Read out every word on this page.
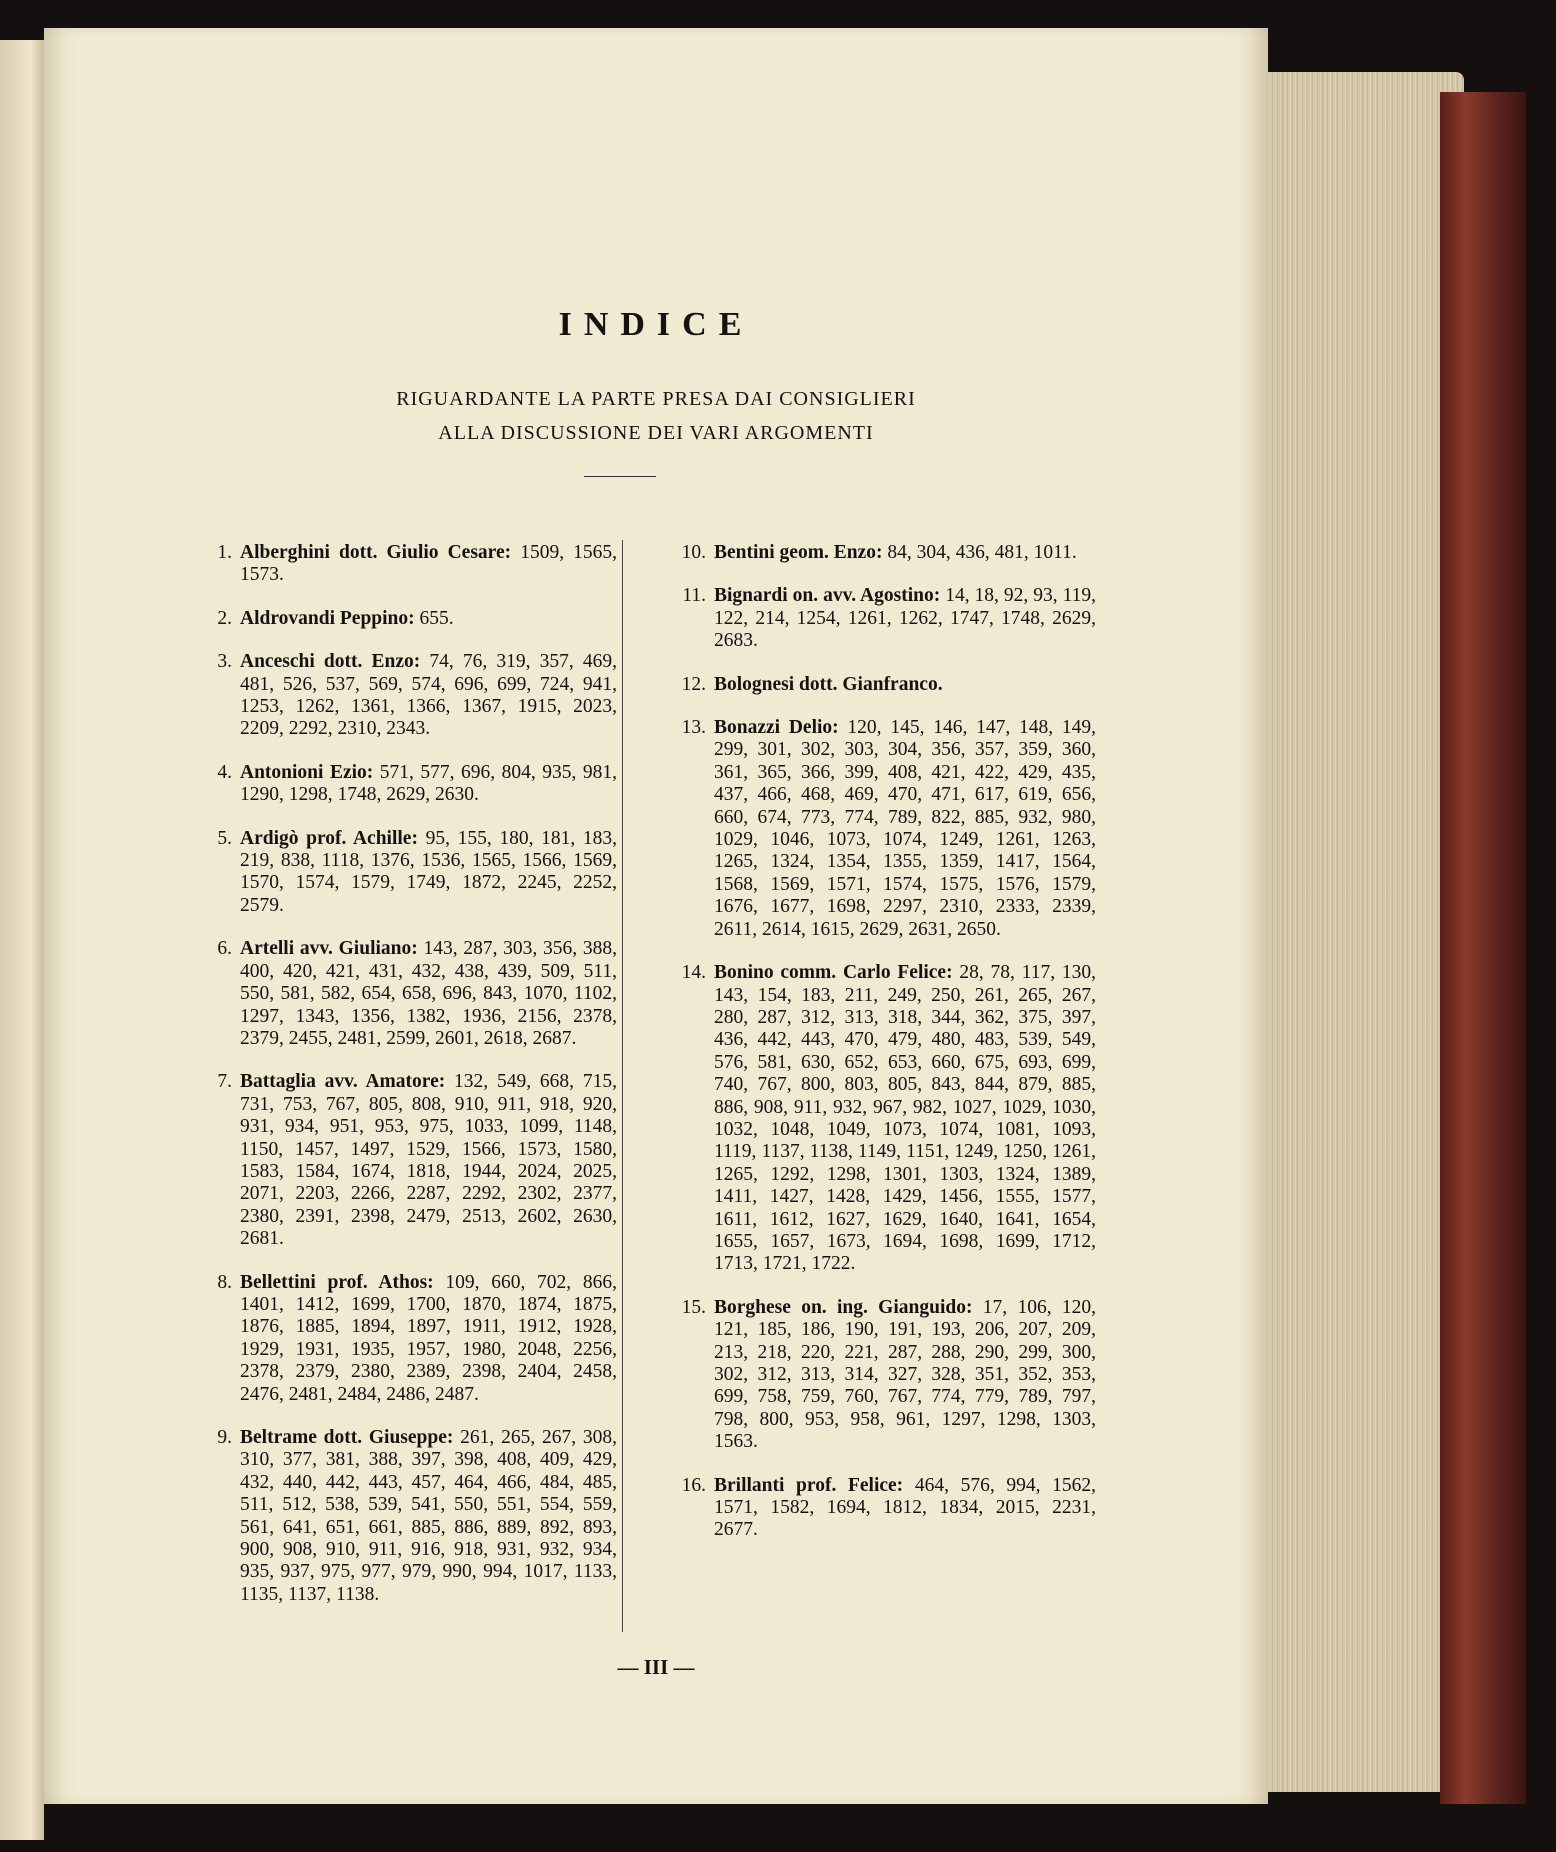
INDICE
RIGUARDANTE LA PARTE PRESA DAI CONSIGLIERI
ALLA DISCUSSIONE DEI VARI ARGOMENTI
1. Alberghini dott. Giulio Cesare: 1509, 1565, 1573.
2. Aldrovandi Peppino: 655.
3. Anceschi dott. Enzo: 74, 76, 319, 357, 469, 481, 526, 537, 569, 574, 696, 699, 724, 941, 1253, 1262, 1361, 1366, 1367, 1915, 2023, 2209, 2292, 2310, 2343.
4. Antonioni Ezio: 571, 577, 696, 804, 935, 981, 1290, 1298, 1748, 2629, 2630.
5. Ardigò prof. Achille: 95, 155, 180, 181, 183, 219, 838, 1118, 1376, 1536, 1565, 1566, 1569, 1570, 1574, 1579, 1749, 1872, 2245, 2252, 2579.
6. Artelli avv. Giuliano: 143, 287, 303, 356, 388, 400, 420, 421, 431, 432, 438, 439, 509, 511, 550, 581, 582, 654, 658, 696, 843, 1070, 1102, 1297, 1343, 1356, 1382, 1936, 2156, 2378, 2379, 2455, 2481, 2599, 2601, 2618, 2687.
7. Battaglia avv. Amatore: 132, 549, 668, 715, 731, 753, 767, 805, 808, 910, 911, 918, 920, 931, 934, 951, 953, 975, 1033, 1099, 1148, 1150, 1457, 1497, 1529, 1566, 1573, 1580, 1583, 1584, 1674, 1818, 1944, 2024, 2025, 2071, 2203, 2266, 2287, 2292, 2302, 2377, 2380, 2391, 2398, 2479, 2513, 2602, 2630, 2681.
8. Bellettini prof. Athos: 109, 660, 702, 866, 1401, 1412, 1699, 1700, 1870, 1874, 1875, 1876, 1885, 1894, 1897, 1911, 1912, 1928, 1929, 1931, 1935, 1957, 1980, 2048, 2256, 2378, 2379, 2380, 2389, 2398, 2404, 2458, 2476, 2481, 2484, 2486, 2487.
9. Beltrame dott. Giuseppe: 261, 265, 267, 308, 310, 377, 381, 388, 397, 398, 408, 409, 429, 432, 440, 442, 443, 457, 464, 466, 484, 485, 511, 512, 538, 539, 541, 550, 551, 554, 559, 561, 641, 651, 661, 885, 886, 889, 892, 893, 900, 908, 910, 911, 916, 918, 931, 932, 934, 935, 937, 975, 977, 979, 990, 994, 1017, 1133, 1135, 1137, 1138.
10. Bentini geom. Enzo: 84, 304, 436, 481, 1011.
11. Bignardi on. avv. Agostino: 14, 18, 92, 93, 119, 122, 214, 1254, 1261, 1262, 1747, 1748, 2629, 2683.
12. Bolognesi dott. Gianfranco.
13. Bonazzi Delio: 120, 145, 146, 147, 148, 149, 299, 301, 302, 303, 304, 356, 357, 359, 360, 361, 365, 366, 399, 408, 421, 422, 429, 435, 437, 466, 468, 469, 470, 471, 617, 619, 656, 660, 674, 773, 774, 789, 822, 885, 932, 980, 1029, 1046, 1073, 1074, 1249, 1261, 1263, 1265, 1324, 1354, 1355, 1359, 1417, 1564, 1568, 1569, 1571, 1574, 1575, 1576, 1579, 1676, 1677, 1698, 2297, 2310, 2333, 2339, 2611, 2614, 1615, 2629, 2631, 2650.
14. Bonino comm. Carlo Felice: 28, 78, 117, 130, 143, 154, 183, 211, 249, 250, 261, 265, 267, 280, 287, 312, 313, 318, 344, 362, 375, 397, 436, 442, 443, 470, 479, 480, 483, 539, 549, 576, 581, 630, 652, 653, 660, 675, 693, 699, 740, 767, 800, 803, 805, 843, 844, 879, 885, 886, 908, 911, 932, 967, 982, 1027, 1029, 1030, 1032, 1048, 1049, 1073, 1074, 1081, 1093, 1119, 1137, 1138, 1149, 1151, 1249, 1250, 1261, 1265, 1292, 1298, 1301, 1303, 1324, 1389, 1411, 1427, 1428, 1429, 1456, 1555, 1577, 1611, 1612, 1627, 1629, 1640, 1641, 1654, 1655, 1657, 1673, 1694, 1698, 1699, 1712, 1713, 1721, 1722.
15. Borghese on. ing. Gianguido: 17, 106, 120, 121, 185, 186, 190, 191, 193, 206, 207, 209, 213, 218, 220, 221, 287, 288, 290, 299, 300, 302, 312, 313, 314, 327, 328, 351, 352, 353, 699, 758, 759, 760, 767, 774, 779, 789, 797, 798, 800, 953, 958, 961, 1297, 1298, 1303, 1563.
16. Brillanti prof. Felice: 464, 576, 994, 1562, 1571, 1582, 1694, 1812, 1834, 2015, 2231, 2677.
— III —
